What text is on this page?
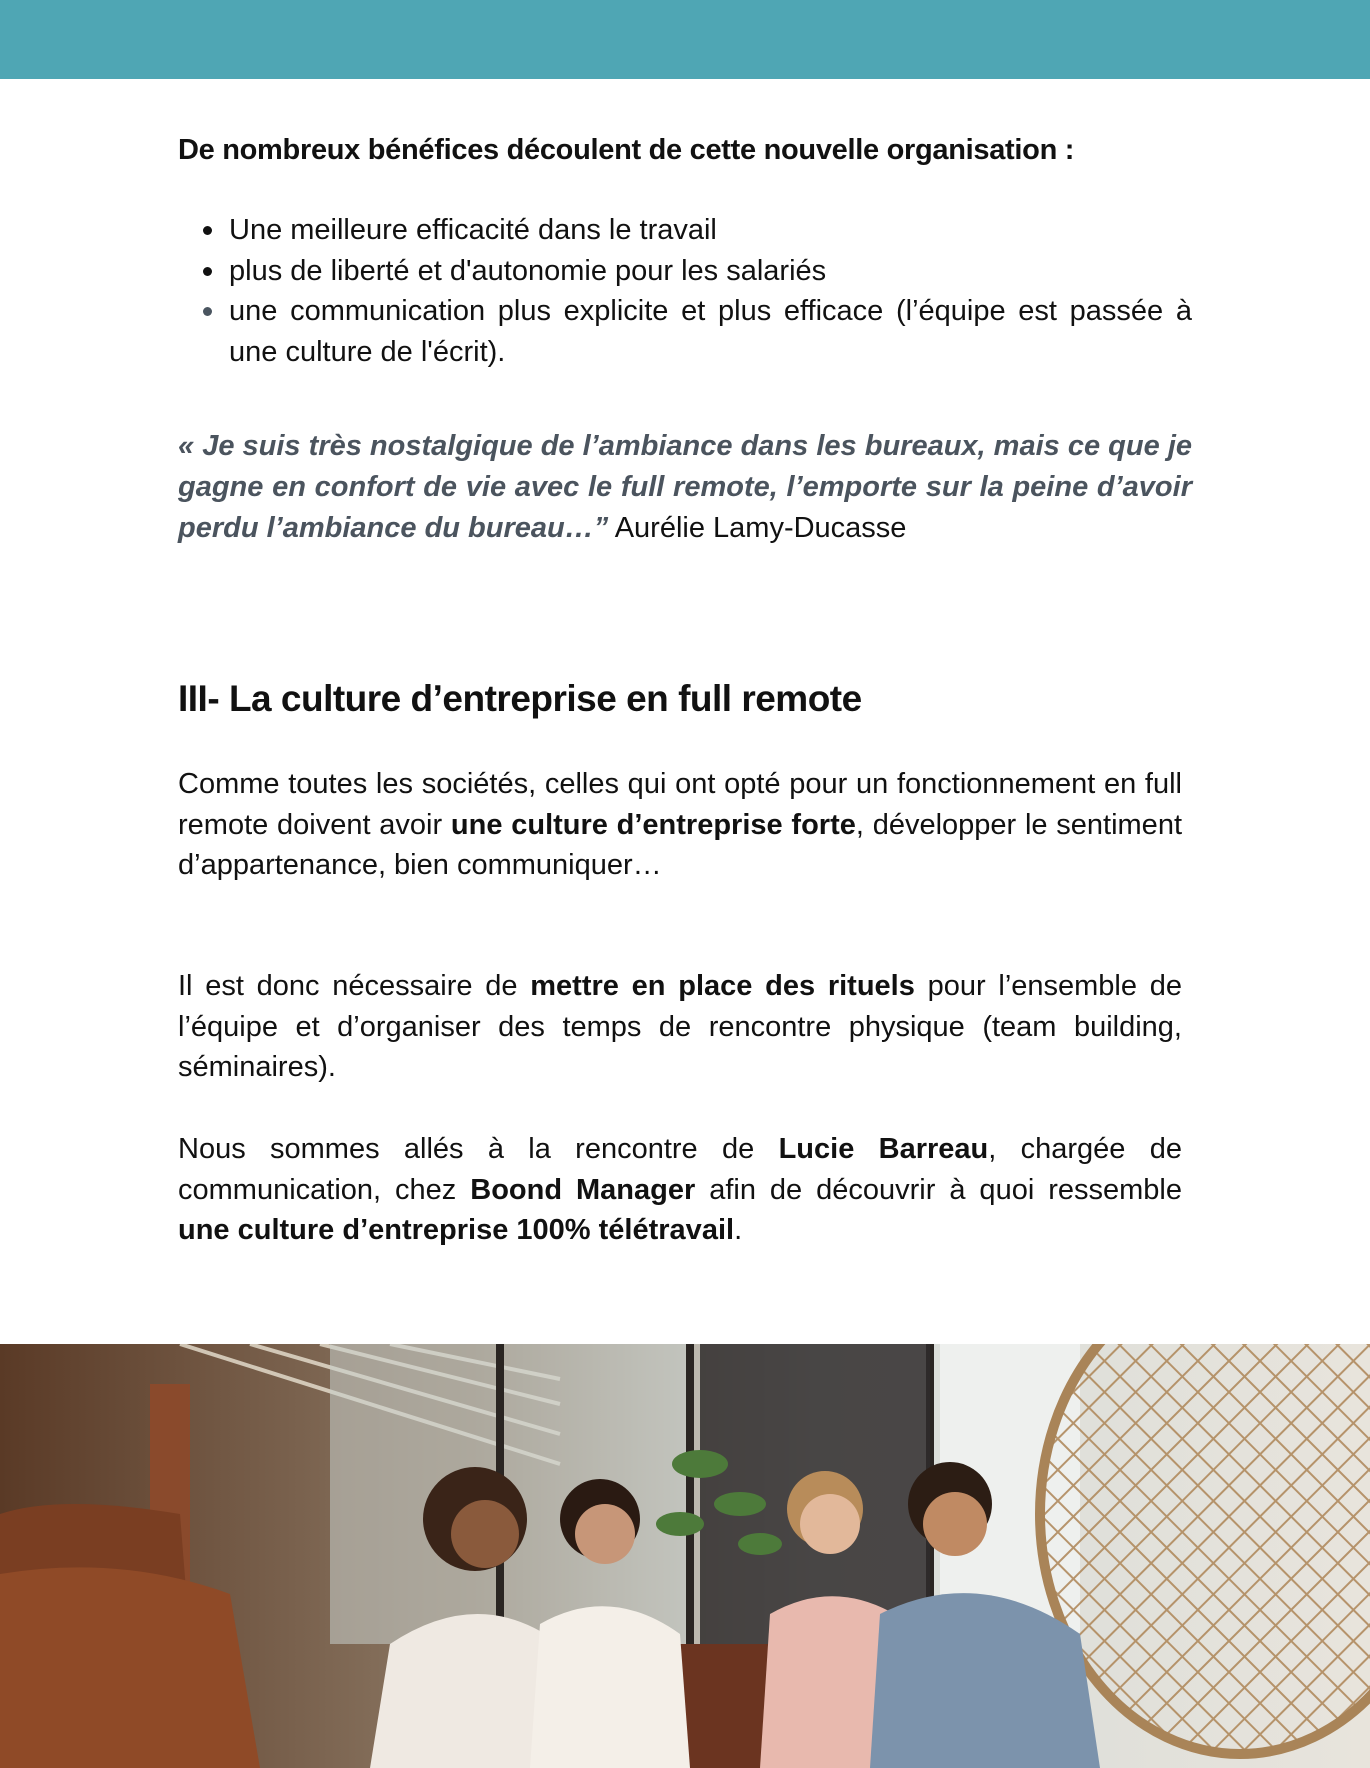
De nombreux bénéfices découlent de cette nouvelle organisation :
Une meilleure efficacité dans le travail
plus de liberté et d'autonomie pour les salariés
une communication plus explicite et plus efficace (l’équipe est passée à une culture de l'écrit).
« Je suis très nostalgique de l’ambiance dans les bureaux, mais ce que je gagne en confort de vie avec le full remote, l’emporte sur la peine d’avoir perdu l’ambiance du bureau…” Aurélie Lamy-Ducasse
III- La culture d’entreprise en full remote

Comme toutes les sociétés, celles qui ont opté pour un fonctionnement en full remote doivent avoir une culture d’entreprise forte, développer le sentiment d’appartenance, bien communiquer…

Il est donc nécessaire de mettre en place des rituels pour l’ensemble de l’équipe et d’organiser des temps de rencontre physique (team building, séminaires).

Nous sommes allés à la rencontre de Lucie Barreau, chargée de communication, chez Boond Manager afin de découvrir à quoi ressemble une culture d’entreprise 100% télétravail.
